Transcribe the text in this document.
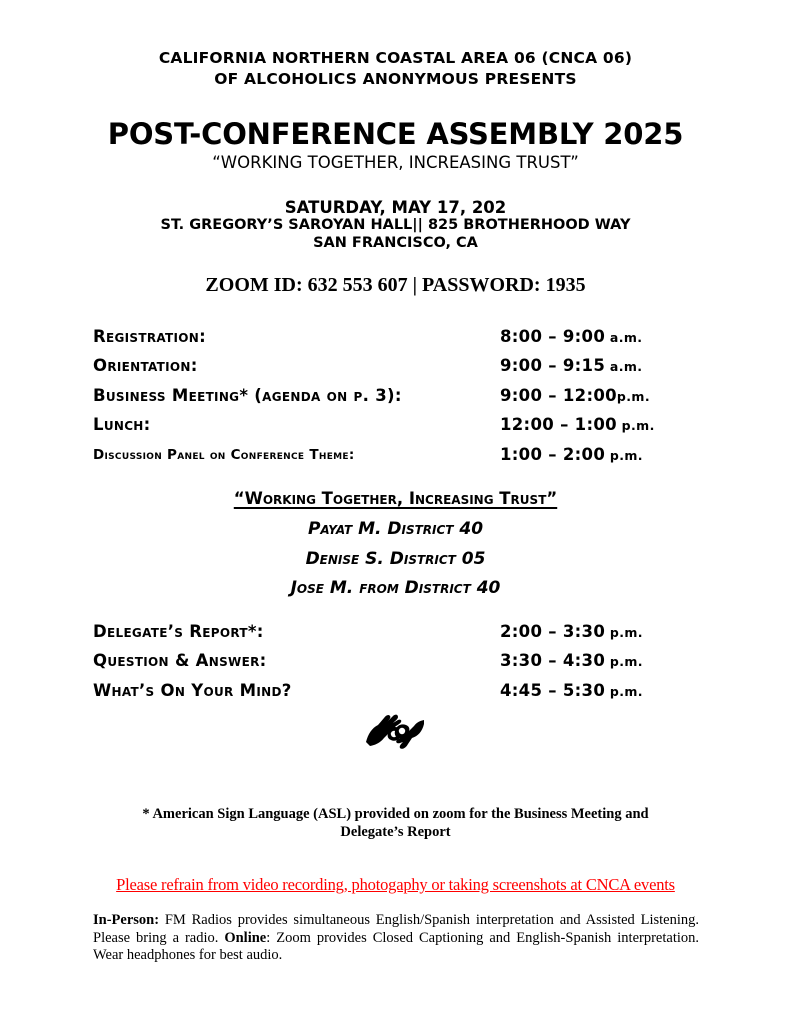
CALIFORNIA NORTHERN COASTAL AREA 06 (CNCA 06)
OF ALCOHOLICS ANONYMOUS PRESENTS
POST-CONFERENCE ASSEMBLY 2025
“WORKING TOGETHER, INCREASING TRUST”
SATURDAY, MAY 17, 202
ST. GREGORY’S SAROYAN HALL|| 825 BROTHERHOOD WAY
SAN FRANCISCO, CA
ZOOM ID: 632 553 607 | PASSWORD: 1935
Registration:	8:00 – 9:00 a.m.
Orientation:	9:00 – 9:15 a.m.
Business Meeting* (agenda on p. 3):	9:00 – 12:00p.m.
Lunch:	12:00 – 1:00 p.m.
Discussion Panel on Conference Theme:	1:00 – 2:00 p.m.
“Working Together, Increasing Trust”
Payat M. District 40
Denise S. District 05
Jose M. from District 40
Delegate’s Report*:	2:00 – 3:30 p.m.
Question & Answer:	3:30 – 4:30 p.m.
What’s On Your Mind?	4:45 – 5:30 p.m.
* American Sign Language (ASL) provided on zoom for the Business Meeting and
Delegate’s Report
Please refrain from video recording, photogaphy or taking screenshots at CNCA events
In-Person: FM Radios provides simultaneous English/Spanish interpretation and Assisted Listening. Please bring a radio. Online: Zoom provides Closed Captioning and English-Spanish interpretation. Wear headphones for best audio.
